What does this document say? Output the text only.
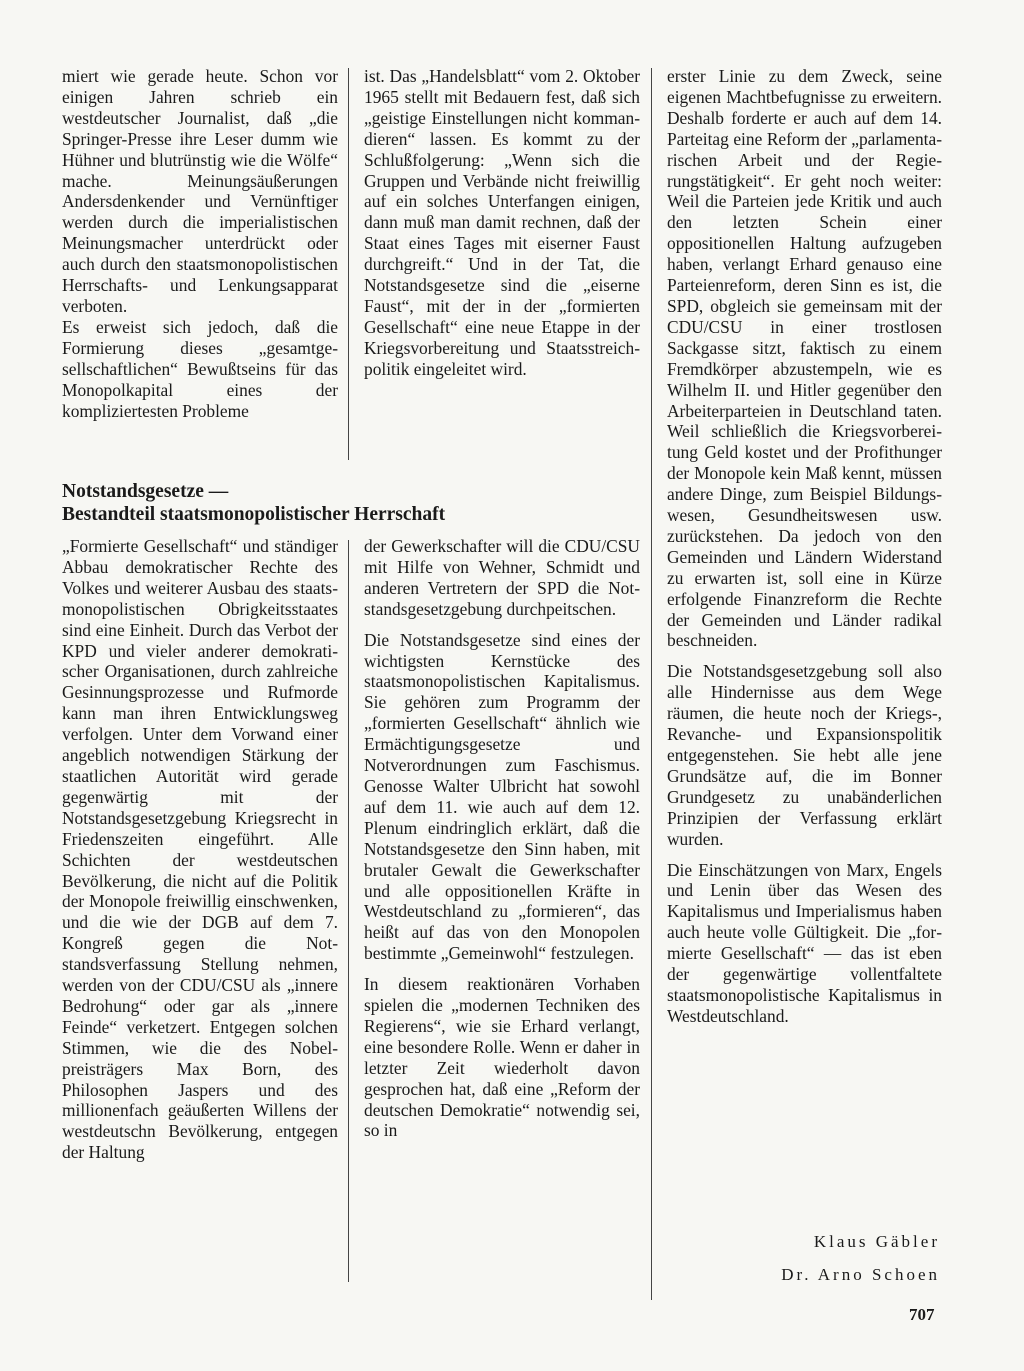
miert wie gerade heute. Schon vor einigen Jahren schrieb ein westdeutscher Journalist, daß „die Springer-Presse ihre Leser dumm wie Hühner und blutrünstig wie die Wölfe“ mache. Meinungsäußerungen Andersdenkender und Vernünftiger werden durch die imperialistischen Meinungsmacher unterdrückt oder auch durch den staatsmonopolistischen Herrschafts- und Lenkungsapparat verboten.

Es erweist sich jedoch, daß die Formierung dieses „gesamtgesellschaftlichen“ Bewußtseins für das Monopolkapital eines der kompliziertesten Probleme

ist. Das „Handelsblatt“ vom 2. Oktober 1965 stellt mit Bedauern fest, daß sich „geistige Einstellungen nicht kommandieren“ lassen. Es kommt zu der Schlußfolgerung: „Wenn sich die Gruppen und Verbände nicht freiwillig auf ein solches Unterfangen einigen, dann muß man damit rechnen, daß der Staat eines Tages mit eiserner Faust durchgreift.“ Und in der Tat, die Notstandsgesetze sind die „eiserne Faust“, mit der in der „formierten Gesellschaft“ eine neue Etappe in der Kriegsvorbereitung und Staatsstreichpolitik eingeleitet wird.

Notstandsgesetze —
Bestandteil staatsmonopolistischer Herrschaft

„Formierte Gesellschaft“ und ständiger Abbau demokratischer Rechte des Volkes und weiterer Ausbau des staatsmonopolistischen Obrigkeitsstaates sind eine Einheit. Durch das Verbot der KPD und vieler anderer demokratischer Organisationen, durch zahlreiche Gesinnungsprozesse und Rufmorde kann man ihren Entwicklungsweg verfolgen. Unter dem Vorwand einer angeblich notwendigen Stärkung der staatlichen Autorität wird gerade gegenwärtig mit der Notstandsgesetzgebung Kriegsrecht in Friedenszeiten eingeführt. Alle Schichten der westdeutschen Bevölkerung, die nicht auf die Politik der Monopole freiwillig einschwenken, und die wie der DGB auf dem 7. Kongreß gegen die Notstandsverfassung Stellung nehmen, werden von der CDU/CSU als „innere Bedrohung“ oder gar als „innere Feinde“ verketzert. Entgegen solchen Stimmen, wie die des Nobelpreisträgers Max Born, des Philosophen Jaspers und des millionenfach geäußerten Willens der westdeutschn Bevölkerung, entgegen der Haltung

der Gewerkschafter will die CDU/CSU mit Hilfe von Wehner, Schmidt und anderen Vertretern der SPD die Notstandsgesetzgebung durchpeitschen.

Die Notstandsgesetze sind eines der wichtigsten Kernstücke des staatsmonopolistischen Kapitalismus. Sie gehören zum Programm der „formierten Gesellschaft“ ähnlich wie Ermächtigungsgesetze und Notverordnungen zum Faschismus. Genosse Walter Ulbricht hat sowohl auf dem 11. wie auch auf dem 12. Plenum eindringlich erklärt, daß die Notstandsgesetze den Sinn haben, mit brutaler Gewalt die Gewerkschafter und alle oppositionellen Kräfte in Westdeutschland zu „formieren“, das heißt auf das von den Monopolen bestimmte „Gemeinwohl“ festzulegen.

In diesem reaktionären Vorhaben spielen die „modernen Techniken des Regierens“, wie sie Erhard verlangt, eine besondere Rolle. Wenn er daher in letzter Zeit wiederholt davon gesprochen hat, daß eine „Reform der deutschen Demokratie“ notwendig sei, so in

erster Linie zu dem Zweck, seine eigenen Machtbefugnisse zu erweitern. Deshalb forderte er auch auf dem 14. Parteitag eine Reform der „parlamentarischen Arbeit und der Regierungstätigkeit“. Er geht noch weiter: Weil die Parteien jede Kritik und auch den letzten Schein einer oppositionellen Haltung aufzugeben haben, verlangt Erhard genauso eine Parteienreform, deren Sinn es ist, die SPD, obgleich sie gemeinsam mit der CDU/CSU in einer trostlosen Sackgasse sitzt, faktisch zu einem Fremdkörper abzustempeln, wie es Wilhelm II. und Hitler gegenüber den Arbeiterparteien in Deutschland taten. Weil schließlich die Kriegsvorbereitung Geld kostet und der Profithunger der Monopole kein Maß kennt, müssen andere Dinge, zum Beispiel Bildungswesen, Gesundheitswesen usw. zurückstehen. Da jedoch von den Gemeinden und Ländern Widerstand zu erwarten ist, soll eine in Kürze erfolgende Finanzreform die Rechte der Gemeinden und Länder radikal beschneiden.

Die Notstandsgesetzgebung soll also alle Hindernisse aus dem Wege räumen, die heute noch der Kriegs-, Revanche- und Expansionspolitik entgegenstehen. Sie hebt alle jene Grundsätze auf, die im Bonner Grundgesetz zu unabänderlichen Prinzipien der Verfassung erklärt wurden.

Die Einschätzungen von Marx, Engels und Lenin über das Wesen des Kapitalismus und Imperialismus haben auch heute volle Gültigkeit. Die „formierte Gesellschaft“ — das ist eben der gegenwärtige vollentfaltete staatsmonopolistische Kapitalismus in Westdeutschland.

Klaus Gäbler
Dr. Arno Schoen
707
